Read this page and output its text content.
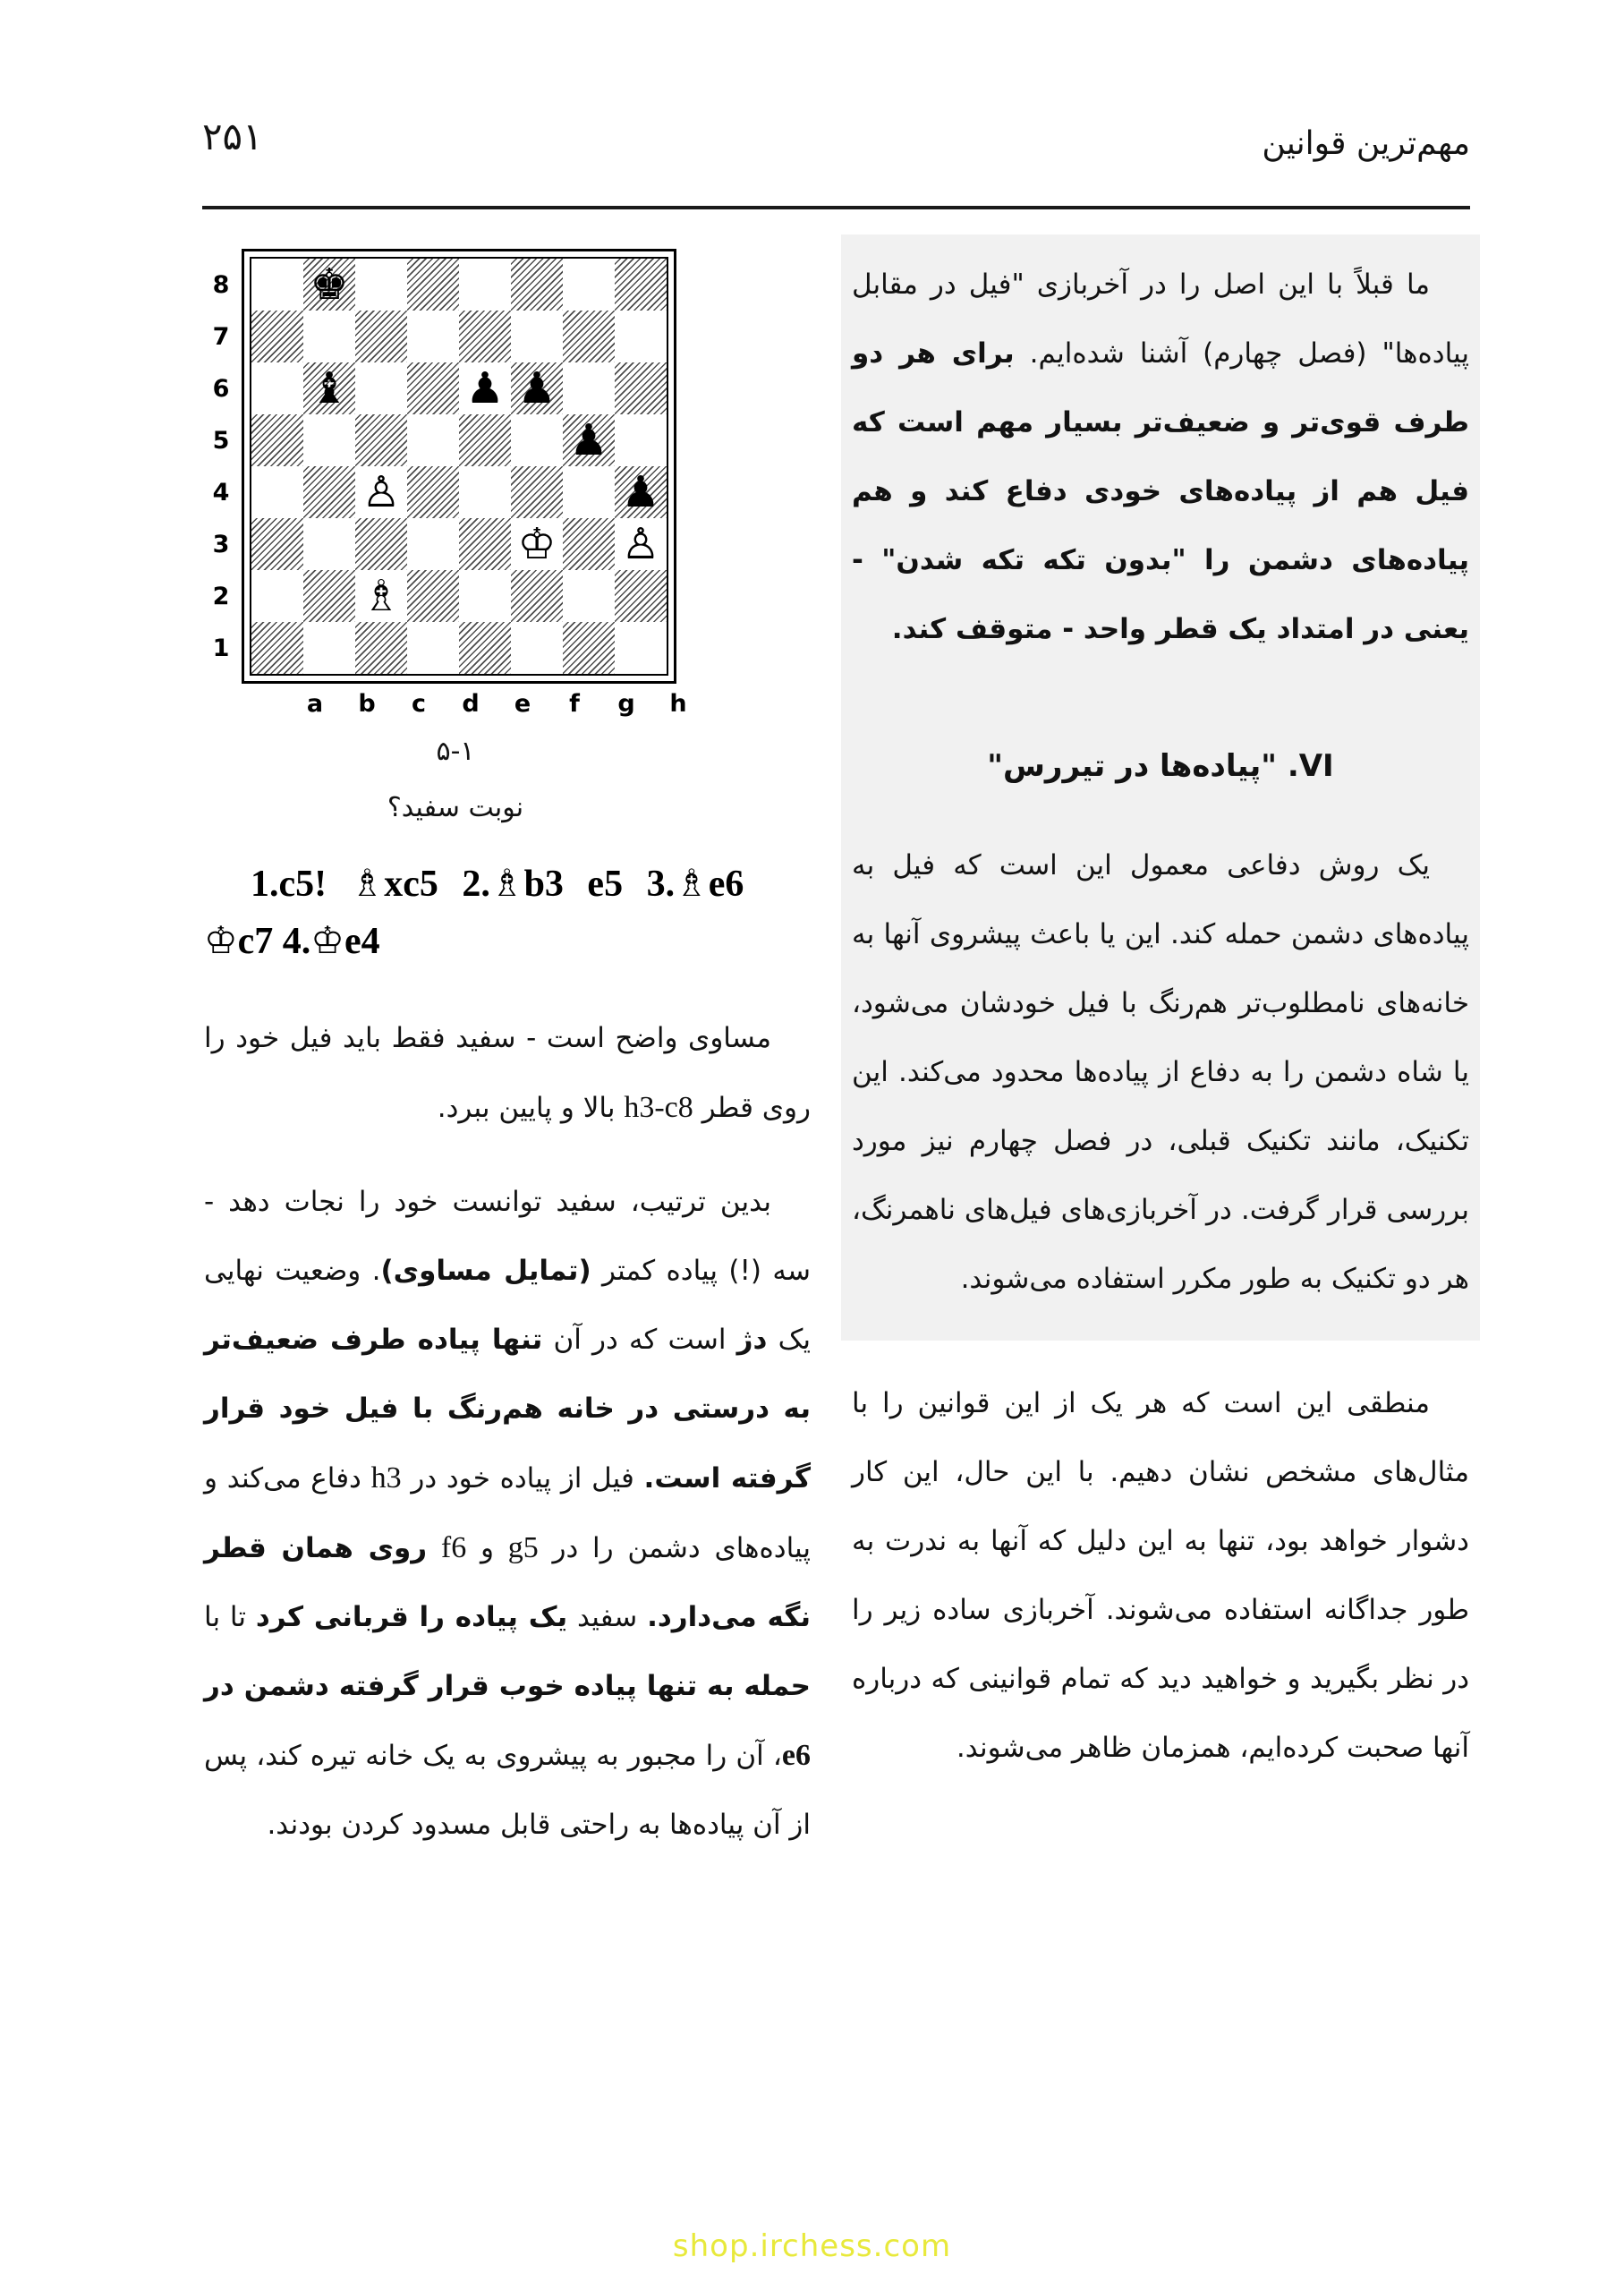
۲۵۱	مهم‌ترین قوانین
8
7
6
5
4
3
2
1
♚
♝	♟ ♟
♟
♙	♟
♔ ♙
♗
a	b	c	d	e	f	g	h
۵-۱
نوبت سفید؟
1.c5! ♗xc5 2.♗b3 e5 3.♗e6
♔c7 4.♔e4

مساوی واضح است - سفید فقط باید فیل خود را روی قطر h3-c8 بالا و پایین ببرد.

بدین ترتیب، سفید توانست خود را نجات دهد - سه (!) پیاده کمتر (تمایل مساوی). وضعیت نهایی یک دژ است که در آن تنها پیاده طرف ضعیف‌تر به درستی در خانه هم‌رنگ با فیل خود قرار گرفته است. فیل از پیاده خود در h3 دفاع می‌کند و پیاده‌های دشمن را در g5 و f6 روی همان قطر نگه می‌دارد. سفید یک پیاده را قربانی کرد تا با حمله به تنها پیاده خوب قرار گرفته دشمن در e6، آن را مجبور به پیشروی به یک خانه تیره کند، پس از آن پیاده‌ها به راحتی قابل مسدود کردن بودند.

ما قبلاً با این اصل را در آخربازی "فیل در مقابل پیاده‌ها" (فصل چهارم) آشنا شده‌ایم. برای هر دو طرف قوی‌تر و ضعیف‌تر بسیار مهم است که فیل هم از پیاده‌های خودی دفاع کند و هم پیاده‌های دشمن را "بدون تکه تکه شدن" - یعنی در امتداد یک قطر واحد - متوقف کند.

VI. "پیاده‌ها در تیررس"

یک روش دفاعی معمول این است که فیل به پیاده‌های دشمن حمله کند. این یا باعث پیشروی آنها به خانه‌های نامطلوب‌تر هم‌رنگ با فیل خودشان می‌شود، یا شاه دشمن را به دفاع از پیاده‌ها محدود می‌کند. این تکنیک، مانند تکنیک قبلی، در فصل چهارم نیز مورد بررسی قرار گرفت. در آخربازی‌های فیل‌های ناهمرنگ، هر دو تکنیک به طور مکرر استفاده می‌شوند.

منطقی این است که هر یک از این قوانین را با مثال‌های مشخص نشان دهیم. با این حال، این کار دشوار خواهد بود، تنها به این دلیل که آنها به ندرت به طور جداگانه استفاده می‌شوند. آخربازی ساده زیر را در نظر بگیرید و خواهید دید که تمام قوانینی که درباره آنها صحبت کرده‌ایم، همزمان ظاهر می‌شوند.

shop.irchess.com
